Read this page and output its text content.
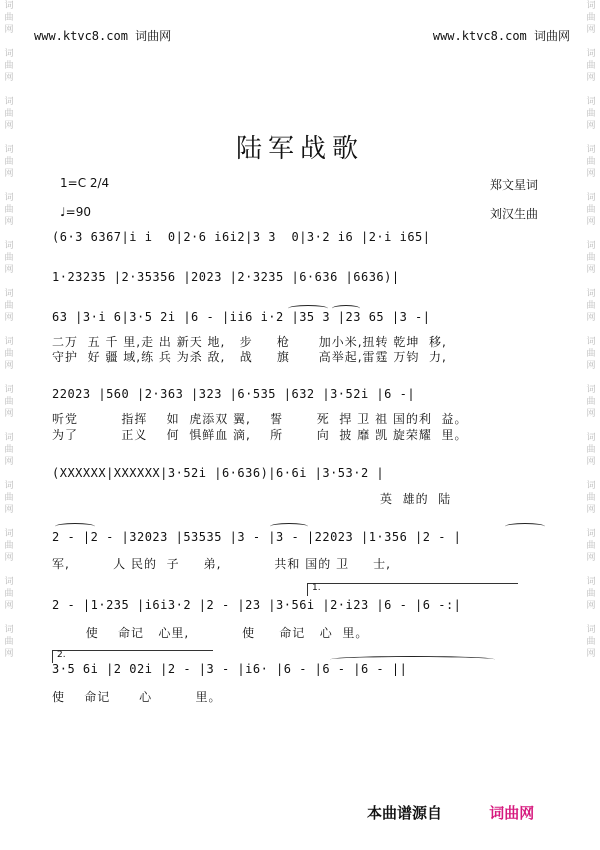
词
曲
网

词
曲
网

词
曲
网

词
曲
网

词
曲
网

词
曲
网

词
曲
网

词
曲
网

词
曲
网

词
曲
网

词
曲
网

词
曲
网

词
曲
网

词
曲
网

词
曲
网

词
曲
网

词
曲
网

词
曲
网

词
曲
网

词
曲
网

词
曲
网

词
曲
网

词
曲
网

词
曲
网

词
曲
网

词
曲
网

词
曲
网

词
曲
网

www.ktvc8.com 词曲网	www.ktvc8.com 词曲网
陆军战歌
1=C 2/4
♩=90
郑文星词
刘汉生曲
(6·3 6367|i i  0|2·6 i6i2|3 3  0|3·2 i6 |2·i i65|
1·23235 |2·35356 |2023 |2·3235 |6·636 |6636)|
63 |3·i 6|3·5 2i |6 - |ii6 i·2 |35 3 |23 65 |3 -|
二万  五 千 里,走 出 新天 地,   步     枪      加小米,扭转 乾坤  移,
守护  好 疆 域,练 兵 为杀 敌,   战     旗      高举起,雷霆 万钧  力,
22023 |560 |2·363 |323 |6·535 |632 |3·52i |6 -|
听党         指挥    如  虎添双 翼,    誓       死  捍 卫 祖 国的利  益。
为了         正义    何  惧鲜血 滴,    所       向  披 靡 凯 旋荣耀  里。
(XXXXXX|XXXXXX|3·52i |6·636)|6·6i |3·53·2 |
英  雄的  陆
2 - |2 - |32023 |53535 |3 - |3 - |22023 |1·356 |2 - |
军,         人 民的  子     弟,           共和 国的 卫     士,
1.
2 - |1·235 |i6i3·2 |2 - |23 |3·56i |2·i23 |6 - |6 -:|
使    命记   心里,           使     命记   心  里。
2.
3·5 6i |2 02i |2 - |3 - |i6· |6 - |6 - |6 - ||
使    命记      心         里。
本曲谱源自	词曲网
